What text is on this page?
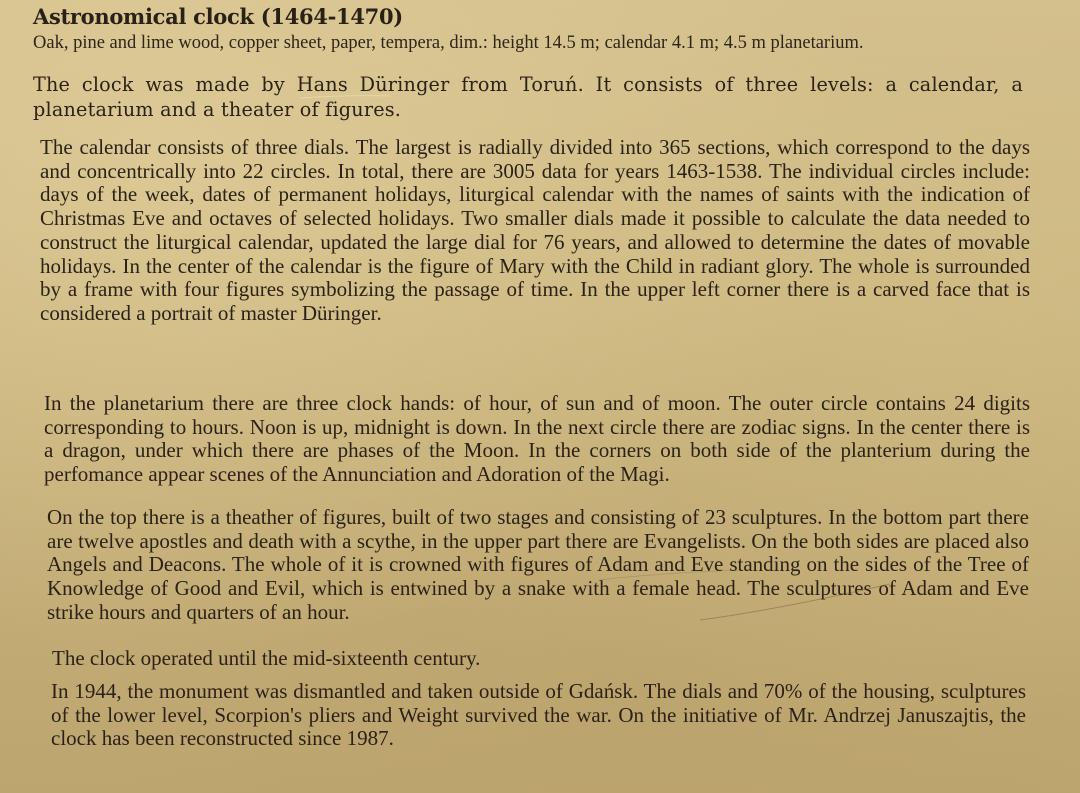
Astronomical clock (1464-1470)
Oak, pine and lime wood, copper sheet, paper, tempera, dim.: height 14.5 m; calendar 4.1 m; 4.5 m planetarium.

The clock was made by Hans Düringer from Toruń. It consists of three levels: a calendar, a planetarium and a theater of figures.

The calendar consists of three dials. The largest is radially divided into 365 sections, which correspond to the days and concentrically into 22 circles. In total, there are 3005 data for years 1463-1538. The individual circles include: days of the week, dates of permanent holidays, liturgical calendar with the names of saints with the indication of Christmas Eve and octaves of selected holidays. Two smaller dials made it possible to calculate the data needed to construct the liturgical calendar, updated the large dial for 76 years, and allowed to determine the dates of movable holidays. In the center of the calendar is the figure of Mary with the Child in radiant glory. The whole is surrounded by a frame with four figures symbolizing the passage of time. In the upper left corner there is a carved face that is considered a portrait of master Düringer.

In the planetarium there are three clock hands: of hour, of sun and of moon. The outer circle contains 24 digits corresponding to hours. Noon is up, midnight is down. In the next circle there are zodiac signs. In the center there is a dragon, under which there are phases of the Moon. In the corners on both side of the planterium during the perfomance appear scenes of the Annunciation and Adoration of the Magi.

On the top there is a theather of figures, built of two stages and consisting of 23 sculptures. In the bottom part there are twelve apostles and death with a scythe, in the upper part there are Evangelists. On the both sides are placed also Angels and Deacons. The whole of it is crowned with figures of Adam and Eve standing on the sides of the Tree of Knowledge of Good and Evil, which is entwined by a snake with a female head. The sculptures of Adam and Eve strike hours and quarters of an hour.

The clock operated until the mid-sixteenth century.

In 1944, the monument was dismantled and taken outside of Gdańsk. The dials and 70% of the housing, sculptures of the lower level, Scorpion's pliers and Weight survived the war. On the initiative of Mr. Andrzej Januszajtis, the clock has been reconstructed since 1987.
